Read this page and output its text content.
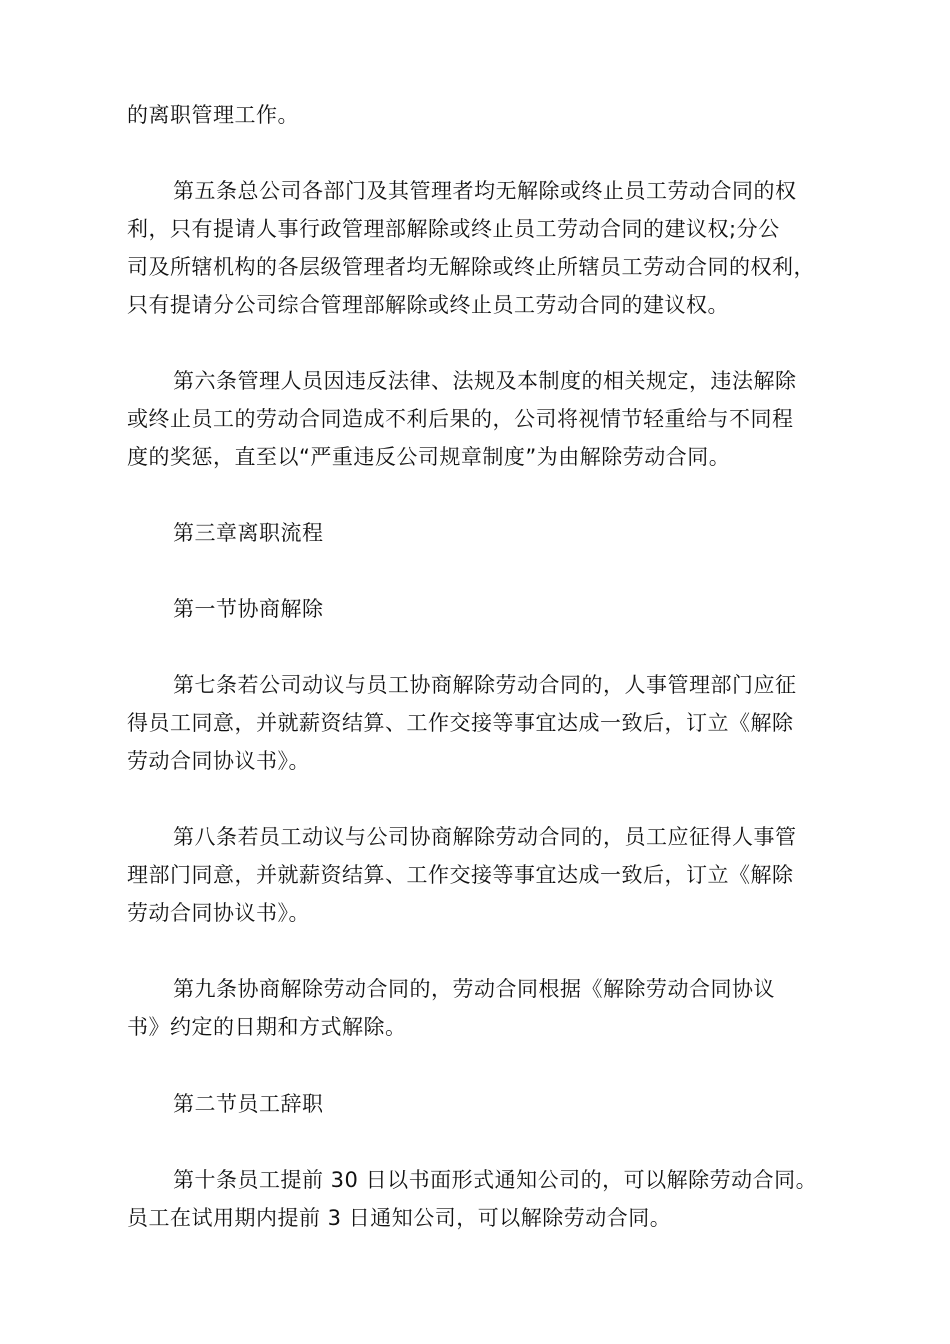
的离职管理工作。

第五条总公司各部门及其管理者均无解除或终止员工劳动合同的权
利，只有提请人事行政管理部解除或终止员工劳动合同的建议权;分公
司及所辖机构的各层级管理者均无解除或终止所辖员工劳动合同的权利，
只有提请分公司综合管理部解除或终止员工劳动合同的建议权。

第六条管理人员因违反法律、法规及本制度的相关规定，违法解除
或终止员工的劳动合同造成不利后果的，公司将视情节轻重给与不同程
度的奖惩，直至以“严重违反公司规章制度”为由解除劳动合同。

第三章离职流程

第一节协商解除

第七条若公司动议与员工协商解除劳动合同的，人事管理部门应征
得员工同意，并就薪资结算、工作交接等事宜达成一致后，订立《解除
劳动合同协议书》。

第八条若员工动议与公司协商解除劳动合同的，员工应征得人事管
理部门同意，并就薪资结算、工作交接等事宜达成一致后，订立《解除
劳动合同协议书》。

第九条协商解除劳动合同的，劳动合同根据《解除劳动合同协议
书》约定的日期和方式解除。

第二节员工辞职

第十条员工提前 30 日以书面形式通知公司的，可以解除劳动合同。
员工在试用期内提前 3 日通知公司，可以解除劳动合同。
